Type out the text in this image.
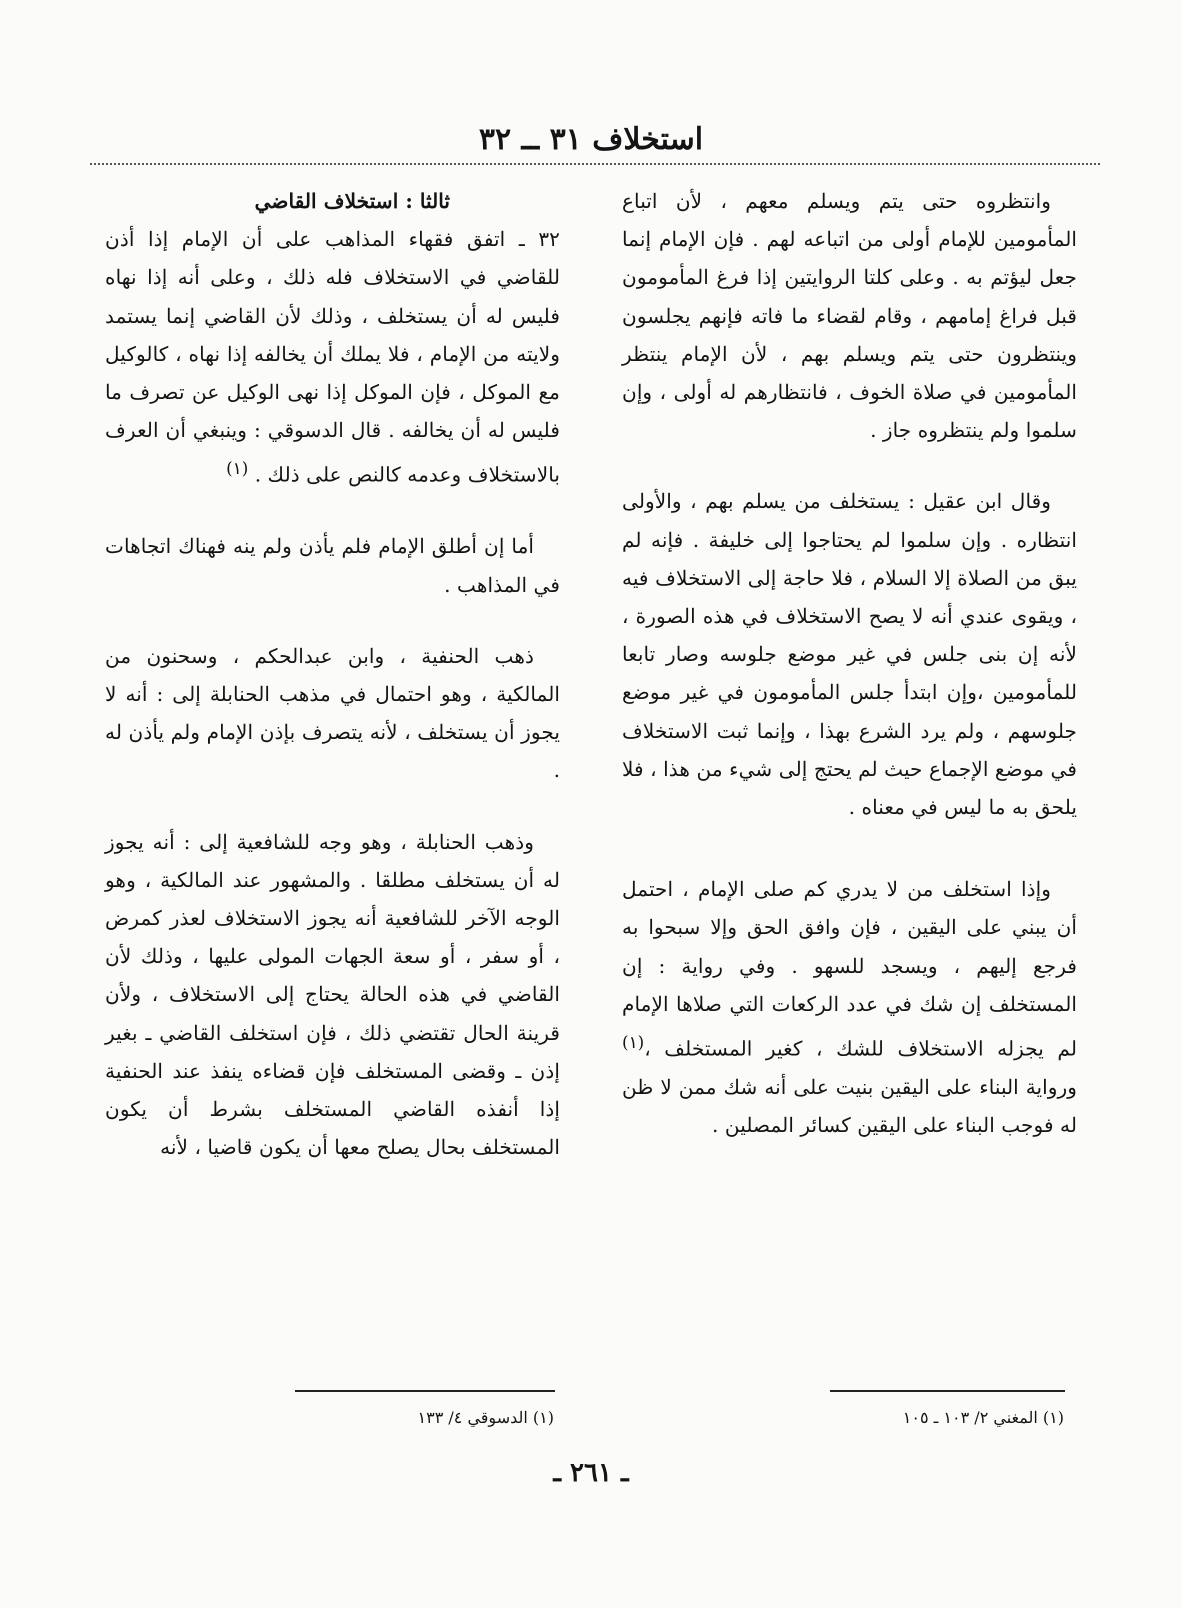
استخلاف ٣١ ــ ٣٢

وانتظروه حتى يتم ويسلم معهم ، لأن اتباع المأمومين للإمام أولى من اتباعه لهم . فإن الإمام إنما جعل ليؤتم به . وعلى كلتا الروايتين إذا فرغ المأمومون قبل فراغ إمامهم ، وقام لقضاء ما فاته فإنهم يجلسون وينتظرون حتى يتم ويسلم بهم ، لأن الإمام ينتظر المأمومين في صلاة الخوف ، فانتظارهم له أولى ، وإن سلموا ولم ينتظروه جاز .

وقال ابن عقيل : يستخلف من يسلم بهم ، والأولى انتظاره . وإن سلموا لم يحتاجوا إلى خليفة . فإنه لم يبق من الصلاة إلا السلام ، فلا حاجة إلى الاستخلاف فيه ، ويقوى عندي أنه لا يصح الاستخلاف في هذه الصورة ، لأنه إن بنى جلس في غير موضع جلوسه وصار تابعا للمأمومين ،وإن ابتدأ جلس المأمومون في غير موضع جلوسهم ، ولم يرد الشرع بهذا ، وإنما ثبت الاستخلاف في موضع الإجماع حيث لم يحتج إلى شيء من هذا ، فلا يلحق به ما ليس في معناه .

وإذا استخلف من لا يدري كم صلى الإمام ، احتمل أن يبني على اليقين ، فإن وافق الحق وإلا سبحوا به فرجع إليهم ، ويسجد للسهو . وفي رواية : إن المستخلف إن شك في عدد الركعات التي صلاها الإمام لم يجزله الاستخلاف للشك ، كغير المستخلف ،$^{(١)}$ ورواية البناء على اليقين بنيت على أنه شك ممن لا ظن له فوجب البناء على اليقين كسائر المصلين .

ثالثا : استخلاف القاضي

٣٢ ـ اتفق فقهاء المذاهب على أن الإمام إذا أذن للقاضي في الاستخلاف فله ذلك ، وعلى أنه إذا نهاه فليس له أن يستخلف ، وذلك لأن القاضي إنما يستمد ولايته من الإمام ، فلا يملك أن يخالفه إذا نهاه ، كالوكيل مع الموكل ، فإن الموكل إذا نهى الوكيل عن تصرف ما فليس له أن يخالفه . قال الدسوقي : وينبغي أن العرف بالاستخلاف وعدمه كالنص على ذلك . $^{(١)}$

أما إن أطلق الإمام فلم يأذن ولم ينه فهناك اتجاهات في المذاهب .

ذهب الحنفية ، وابن عبدالحكم ، وسحنون من المالكية ، وهو احتمال في مذهب الحنابلة إلى : أنه لا يجوز أن يستخلف ، لأنه يتصرف بإذن الإمام ولم يأذن له .

وذهب الحنابلة ، وهو وجه للشافعية إلى : أنه يجوز له أن يستخلف مطلقا . والمشهور عند المالكية ، وهو الوجه الآخر للشافعية أنه يجوز الاستخلاف لعذر كمرض ، أو سفر ، أو سعة الجهات المولى عليها ، وذلك لأن القاضي في هذه الحالة يحتاج إلى الاستخلاف ، ولأن قرينة الحال تقتضي ذلك ، فإن استخلف القاضي ـ بغير إذن ـ وقضى المستخلف فإن قضاءه ينفذ عند الحنفية إذا أنفذه القاضي المستخلف بشرط أن يكون المستخلف بحال يصلح معها أن يكون قاضيا ، لأنه

(١) المغني ٢/ ١٠٣ ـ ١٠٥
(١) الدسوقي ٤/ ١٣٣
ـ ٢٦١ ـ
